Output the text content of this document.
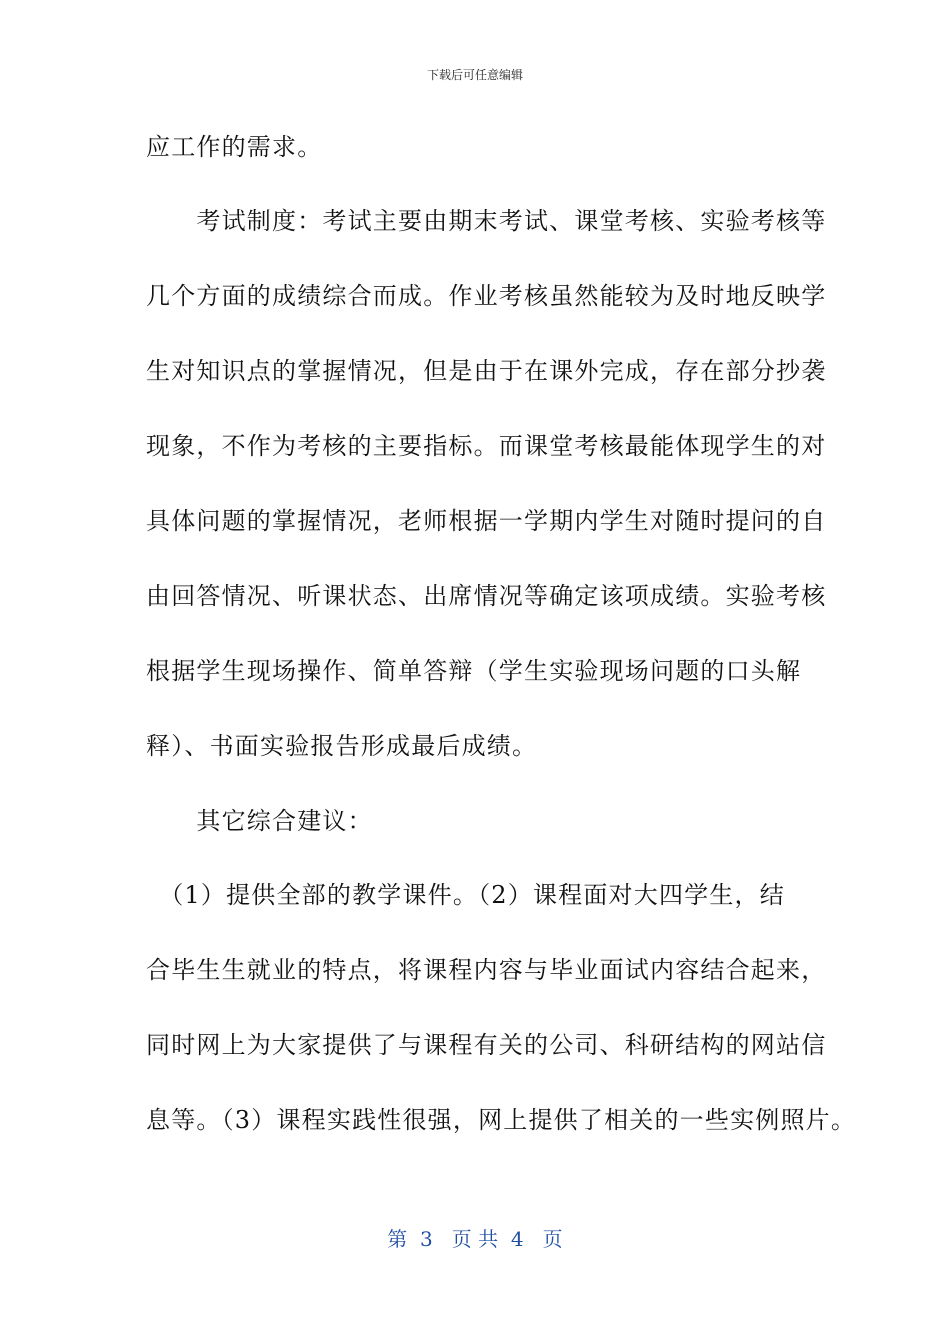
下载后可任意编辑
应工作的需求。
　　考试制度：考试主要由期末考试、课堂考核、实验考核等
几个方面的成绩综合而成。作业考核虽然能较为及时地反映学
生对知识点的掌握情况，但是由于在课外完成，存在部分抄袭
现象，不作为考核的主要指标。而课堂考核最能体现学生的对
具体问题的掌握情况，老师根据一学期内学生对随时提问的自
由回答情况、听课状态、出席情况等确定该项成绩。实验考核
根据学生现场操作、简单答辩（学生实验现场问题的口头解
释）、书面实验报告形成最后成绩。
　　其它综合建议：
　（1）提供全部的教学课件。（2）课程面对大四学生，结
合毕生生就业的特点，将课程内容与毕业面试内容结合起来，
同时网上为大家提供了与课程有关的公司、科研结构的网站信
息等。（3）课程实践性很强，网上提供了相关的一些实例照片。
第  3   页 共  4   页
